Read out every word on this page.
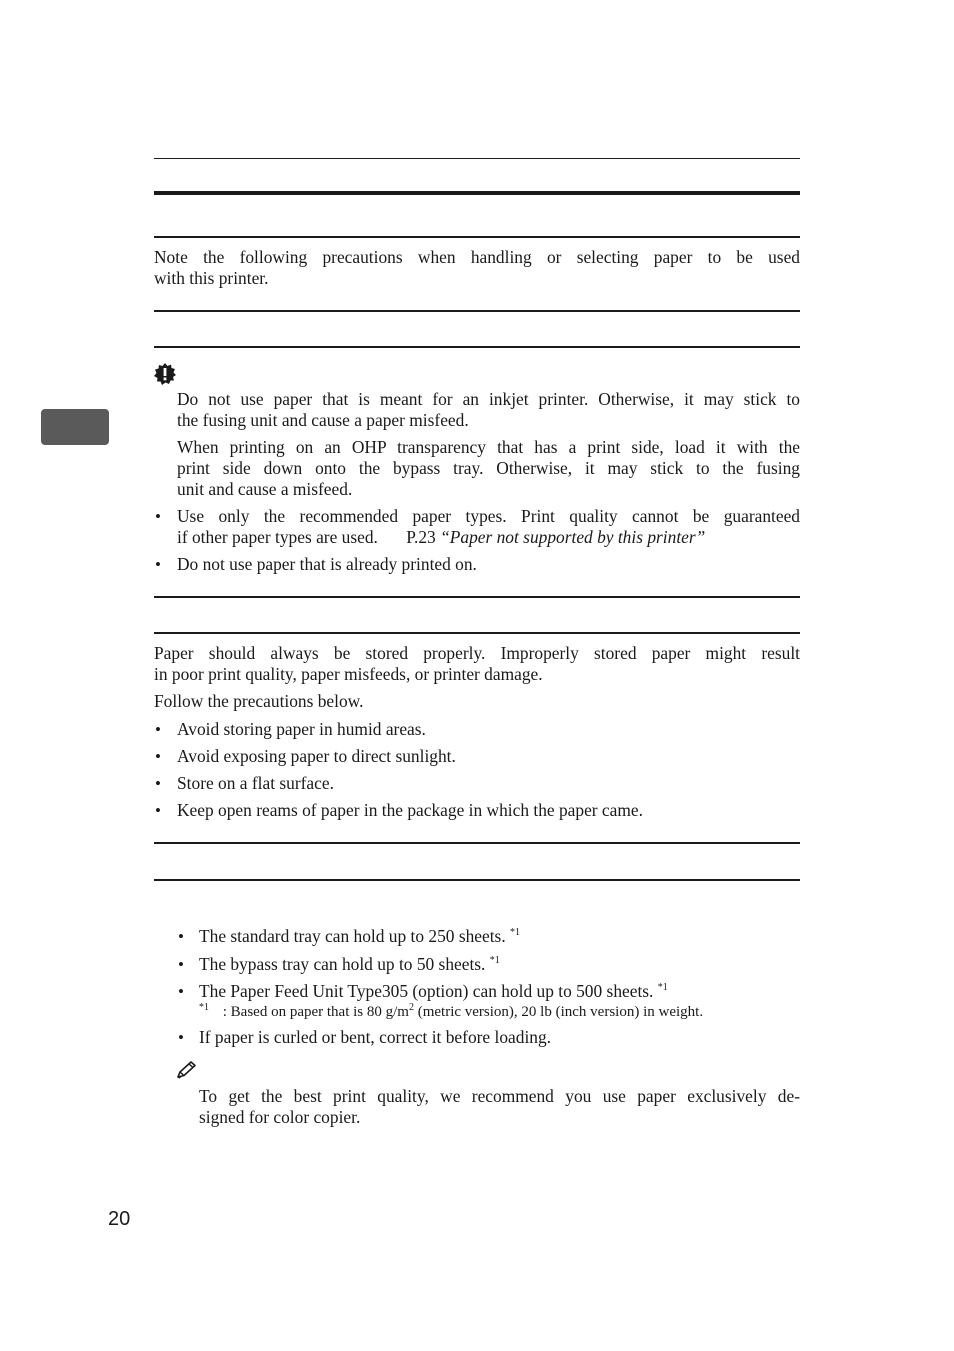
Note the following precautions when handling or selecting paper to be used
with this printer.
Do not use paper that is meant for an inkjet printer. Otherwise, it may stick to
the fusing unit and cause a paper misfeed.
When printing on an OHP transparency that has a print side, load it with the
print side down onto the bypass tray. Otherwise, it may stick to the fusing
unit and cause a misfeed.
• Use only the recommended paper types. Print quality cannot be guaranteed
if other paper types are used. P.23 “Paper not supported by this printer”
• Do not use paper that is already printed on.
Paper should always be stored properly. Improperly stored paper might result
in poor print quality, paper misfeeds, or printer damage.
Follow the precautions below.
• Avoid storing paper in humid areas.
• Avoid exposing paper to direct sunlight.
• Store on a flat surface.
• Keep open reams of paper in the package in which the paper came.
• The standard tray can hold up to 250 sheets. $^{*1}$
• The bypass tray can hold up to 50 sheets. $^{*1}$
• The Paper Feed Unit Type305 (option) can hold up to 500 sheets. $^{*1}$
$^{*1}$ : Based on paper that is 80 $g/m^2$ (metric version), 20 lb (inch version) in weight.
• If paper is curled or bent, correct it before loading.
To get the best print quality, we recommend you use paper exclusively de-
signed for color copier.
20
